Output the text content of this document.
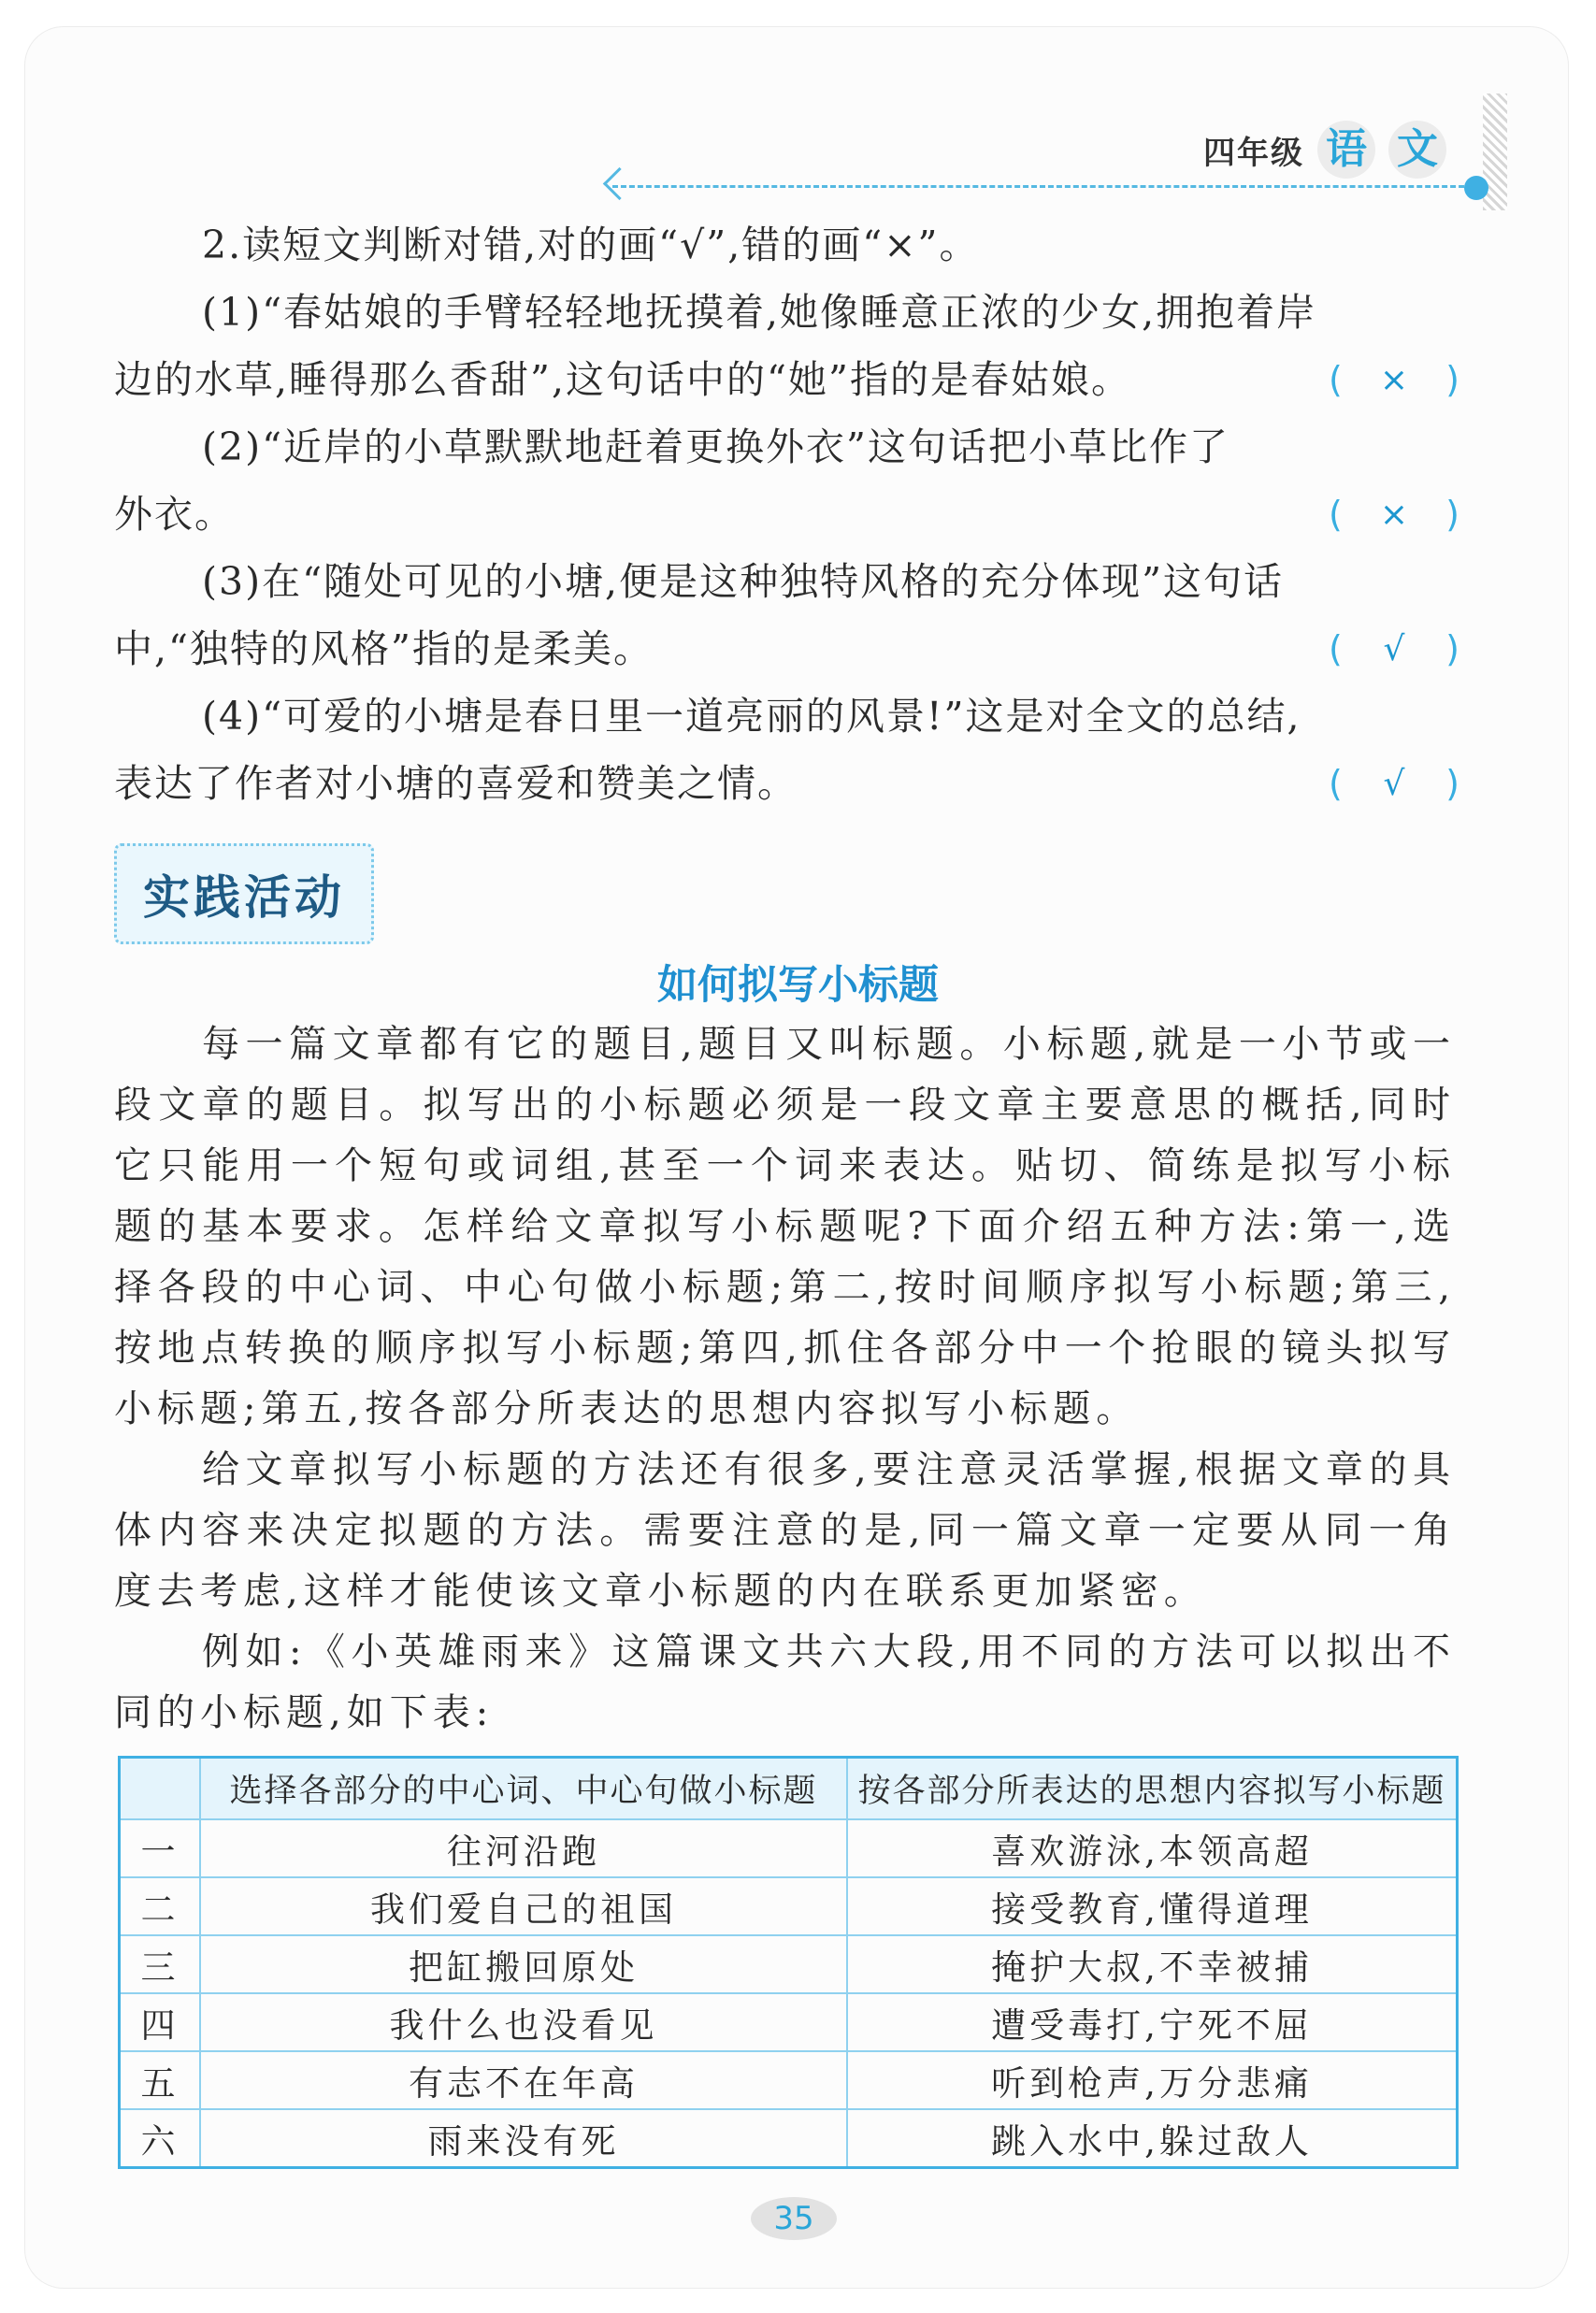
四年级 语 文

2.读短文判断对错,对的画“√”,错的画“×”。

(1)“春姑娘的手臂轻轻地抚摸着,她像睡意正浓的少女,拥抱着岸

边的水草,睡得那么香甜”,这句话中的“她”指的是春姑娘。	( × )

(2)“近岸的小草默默地赶着更换外衣”这句话把小草比作了

外衣。	( × )

(3)在“随处可见的小塘,便是这种独特风格的充分体现”这句话

中,“独特的风格”指的是柔美。	( √ )

(4)“可爱的小塘是春日里一道亮丽的风景!”这是对全文的总结,

表达了作者对小塘的喜爱和赞美之情。	( √ )
实践活动
如何拟写小标题

每一篇文章都有它的题目,题目又叫标题。小标题,就是一小节或一段文章的题目。拟写出的小标题必须是一段文章主要意思的概括,同时它只能用一个短句或词组,甚至一个词来表达。贴切、简练是拟写小标题的基本要求。怎样给文章拟写小标题呢?下面介绍五种方法:第一,选择各段的中心词、中心句做小标题;第二,按时间顺序拟写小标题;第三,按地点转换的顺序拟写小标题;第四,抓住各部分中一个抢眼的镜头拟写小标题;第五,按各部分所表达的思想内容拟写小标题。

给文章拟写小标题的方法还有很多,要注意灵活掌握,根据文章的具体内容来决定拟题的方法。需要注意的是,同一篇文章一定要从同一角度去考虑,这样才能使该文章小标题的内在联系更加紧密。

例如:《小英雄雨来》这篇课文共六大段,用不同的方法可以拟出不同的小标题,如下表:

	选择各部分的中心词、中心句做小标题	按各部分所表达的思想内容拟写小标题
一	往河沿跑	喜欢游泳,本领高超
二	我们爱自己的祖国	接受教育,懂得道理
三	把缸搬回原处	掩护大叔,不幸被捕
四	我什么也没看见	遭受毒打,宁死不屈
五	有志不在年高	听到枪声,万分悲痛
六	雨来没有死	跳入水中,躲过敌人
35
